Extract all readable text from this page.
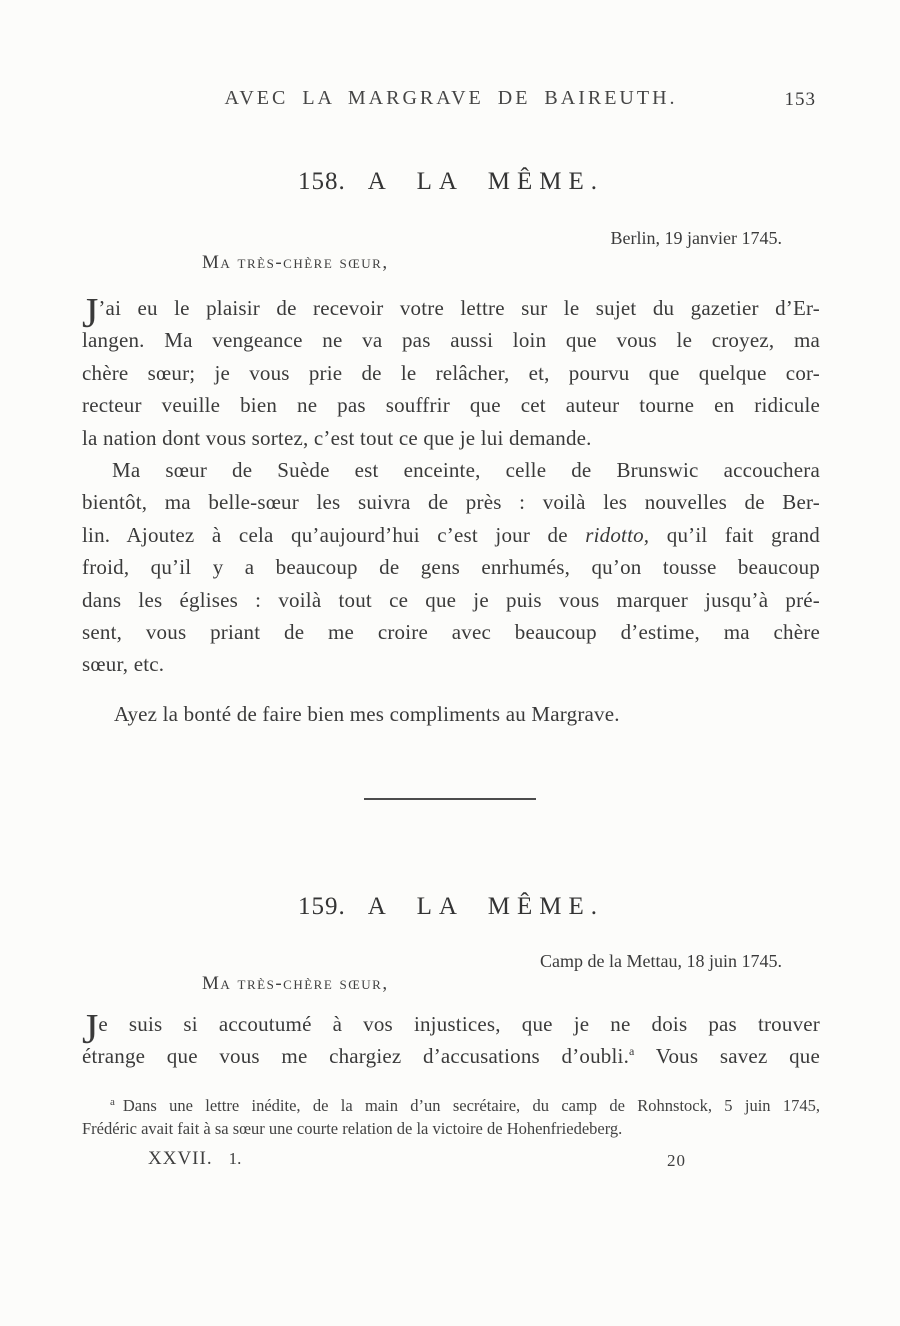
AVEC LA MARGRAVE DE BAIREUTH.	153
158. A LA MÊME.
Berlin, 19 janvier 1745.
Ma très-chère sœur,
J’ai eu le plaisir de recevoir votre lettre sur le sujet du gazetier d’Er-
langen. Ma vengeance ne va pas aussi loin que vous le croyez, ma
chère sœur; je vous prie de le relâcher, et, pourvu que quelque cor-
recteur veuille bien ne pas souffrir que cet auteur tourne en ridicule
la nation dont vous sortez, c’est tout ce que je lui demande.
Ma sœur de Suède est enceinte, celle de Brunswic accouchera
bientôt, ma belle-sœur les suivra de près : voilà les nouvelles de Ber-
lin. Ajoutez à cela qu’aujourd’hui c’est jour de ridotto, qu’il fait grand
froid, qu’il y a beaucoup de gens enrhumés, qu’on tousse beaucoup
dans les églises : voilà tout ce que je puis vous marquer jusqu’à pré-
sent, vous priant de me croire avec beaucoup d’estime, ma chère
sœur, etc.
Ayez la bonté de faire bien mes compliments au Margrave.
159. A LA MÊME.
Camp de la Mettau, 18 juin 1745.
Ma très-chère sœur,
Je suis si accoutumé à vos injustices, que je ne dois pas trouver
étrange que vous me chargiez d’accusations d’oubli.$^a$ Vous savez que
$^a$ Dans une lettre inédite, de la main d’un secrétaire, du camp de Rohnstock, 5 juin 1745,
Frédéric avait fait à sa sœur une courte relation de la victoire de Hohenfriedeberg.
XXVII. 1.	20
